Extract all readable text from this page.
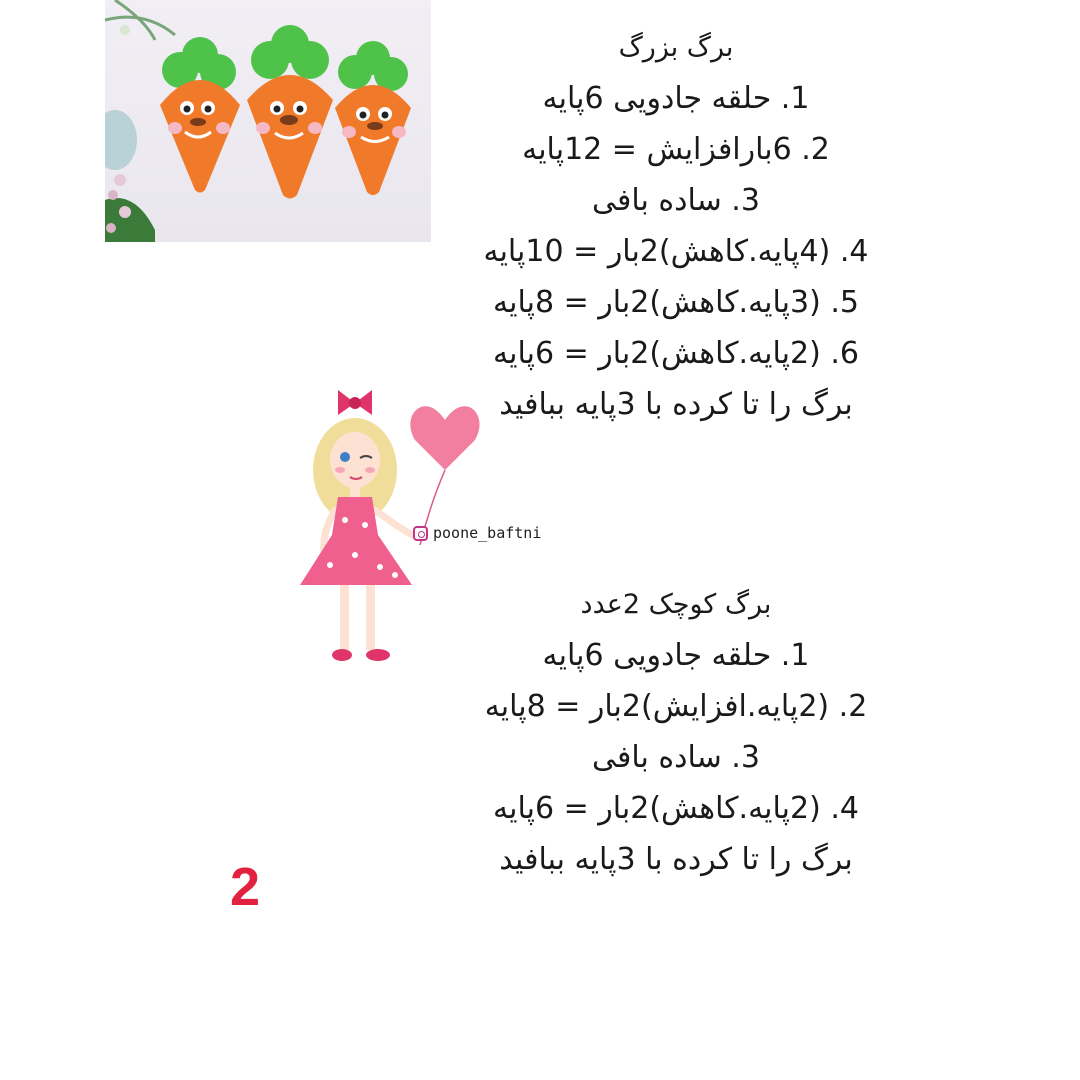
برگ بزرگ
1. حلقه جادویی 6پایه
2. 6بارافزایش = 12پایه
3. ساده بافی
4. (4پایه.کاهش)2بار = 10پایه
5. (3پایه.کاهش)2بار = 8پایه
6. (2پایه.کاهش)2بار = 6پایه
برگ را تا کرده با 3پایه ببافید
poone_baftni
برگ کوچک 2عدد
1. حلقه جادویی 6پایه
2. (2پایه.افزایش)2بار = 8پایه
3. ساده بافی
4. (2پایه.کاهش)2بار = 6پایه
برگ را تا کرده با 3پایه ببافید
2
